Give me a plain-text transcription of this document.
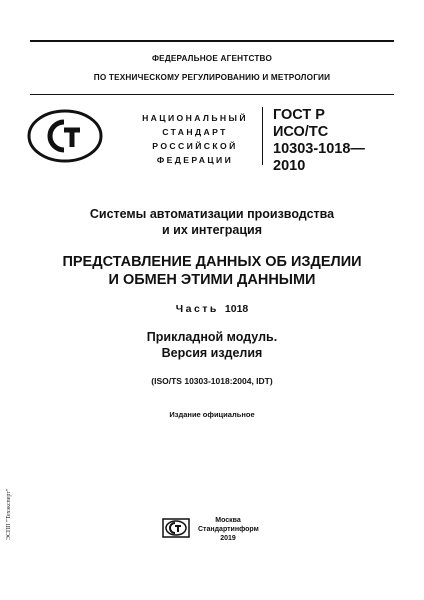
ФЕДЕРАЛЬНОЕ АГЕНТСТВО
ПО ТЕХНИЧЕСКОМУ РЕГУЛИРОВАНИЮ И МЕТРОЛОГИИ
НАЦИОНАЛЬНЫЙ
СТАНДАРТ
РОССИЙСКОЙ
ФЕДЕРАЦИИ
ГОСТ Р
ИСО/ТС
10303-1018—
2010
Системы автоматизации производства
и их интеграция
ПРЕДСТАВЛЕНИЕ ДАННЫХ ОБ ИЗДЕЛИИ
И ОБМЕН ЭТИМИ ДАННЫМИ
Часть 1018
Прикладной модуль.
Версия изделия
(ISO/TS 10303-1018:2004, IDT)
Издание официальное
Москва
Стандартинформ
2019
ЭСПП "Техэксперт"
